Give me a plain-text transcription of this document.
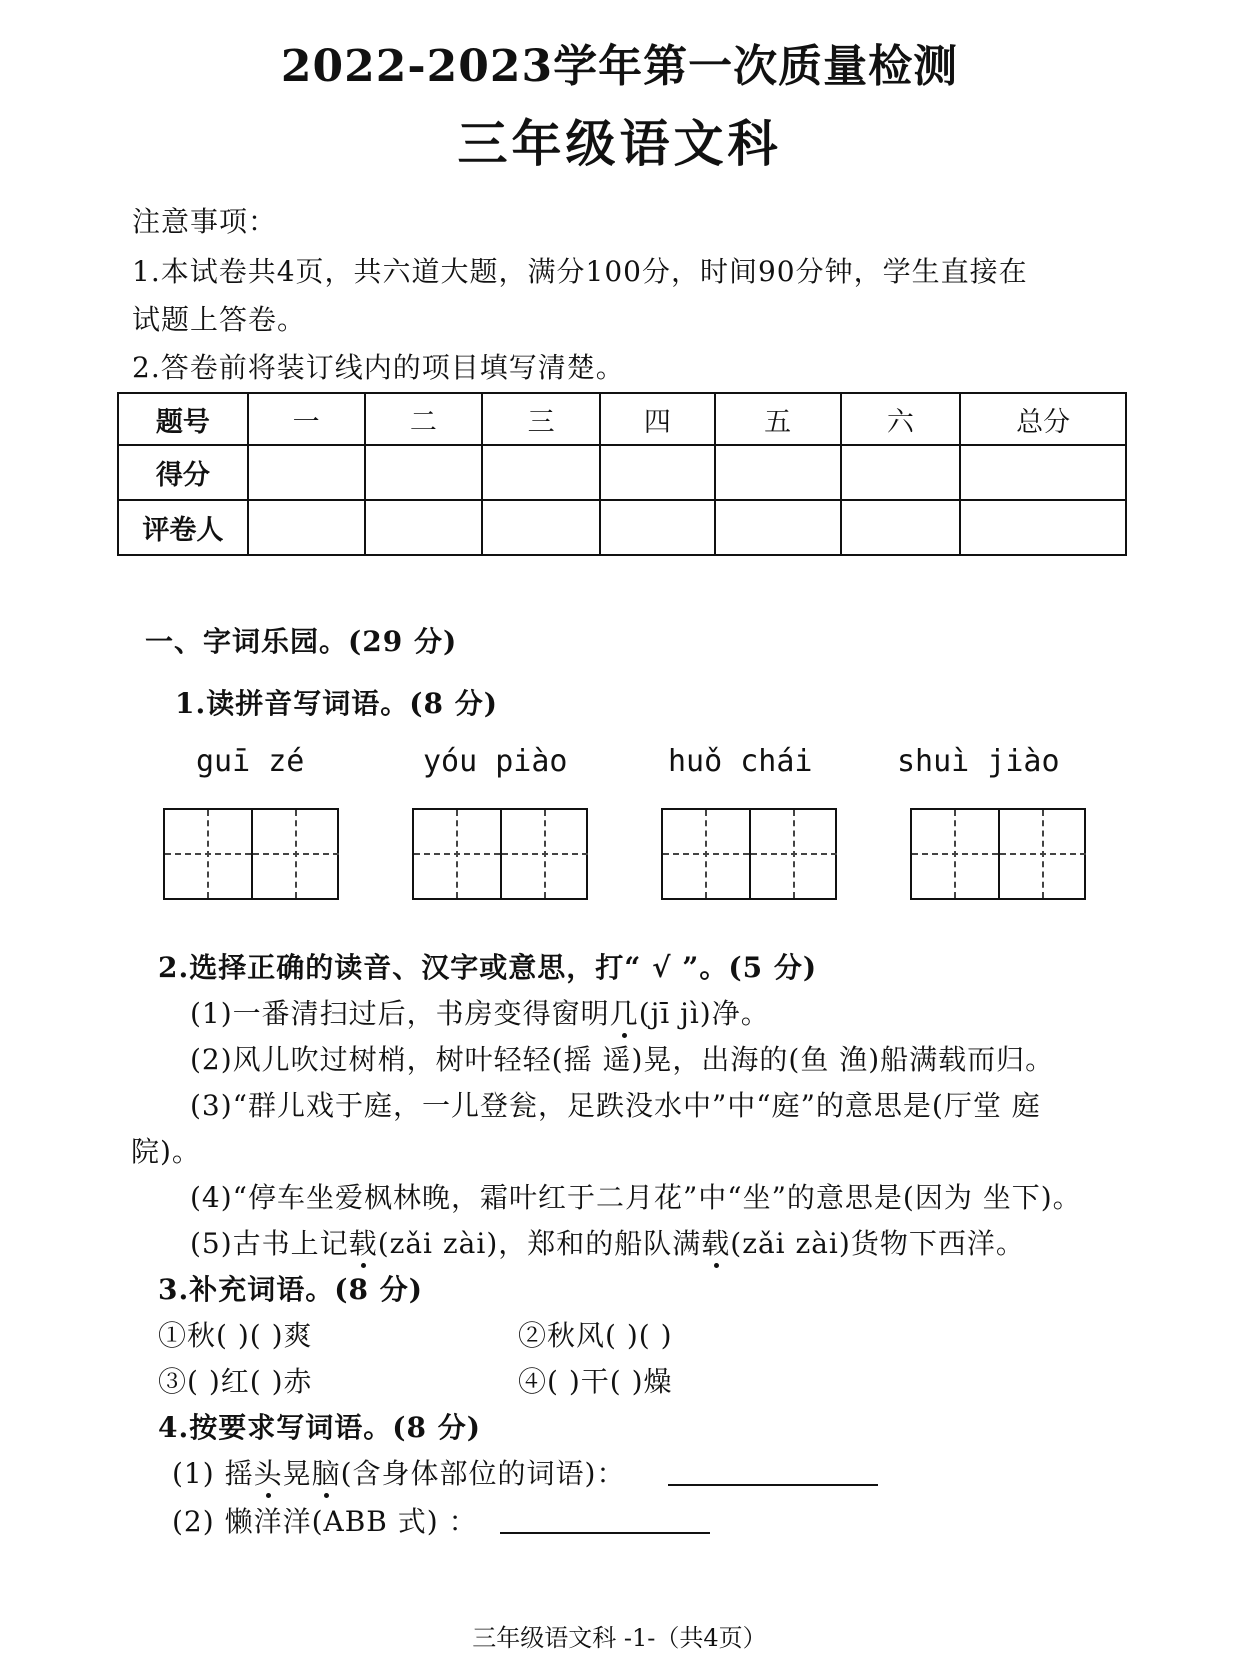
2022-2023学年第一次质量检测
三年级语文科
注意事项：
1.本试卷共4页，共六道大题，满分100分，时间90分钟，学生直接在
试题上答卷。
2.答卷前将装订线内的项目填写清楚。
题号	一	二	三	四	五	六	总分
得分							
评卷人							
一、字词乐园。(29 分)
1.读拼音写词语。(8 分)
guī zé	yóu piào	huǒ chái	shuì jiào
2.选择正确的读音、汉字或意思，打“ √ ”。(5 分)
(1)一番清扫过后，书房变得窗明几(jī jì)净。
(2)风儿吹过树梢，树叶轻轻(摇 遥)晃，出海的(鱼 渔)船满载而归。
(3)“群儿戏于庭，一儿登瓮，足跌没水中”中“庭”的意思是(厅堂 庭
院)。
(4)“停车坐爱枫林晚，霜叶红于二月花”中“坐”的意思是(因为 坐下)。
(5)古书上记载(zǎi zài)，郑和的船队满载(zǎi zài)货物下西洋。
3.补充词语。(8 分)
①秋( )( )爽	②秋风( )( )
③( )红( )赤	④( )干( )燥
4.按要求写词语。(8 分)
(1) 摇头晃脑(含身体部位的词语)：
(2) 懒洋洋(ABB 式) ：
三年级语文科 -1-（共4页）
